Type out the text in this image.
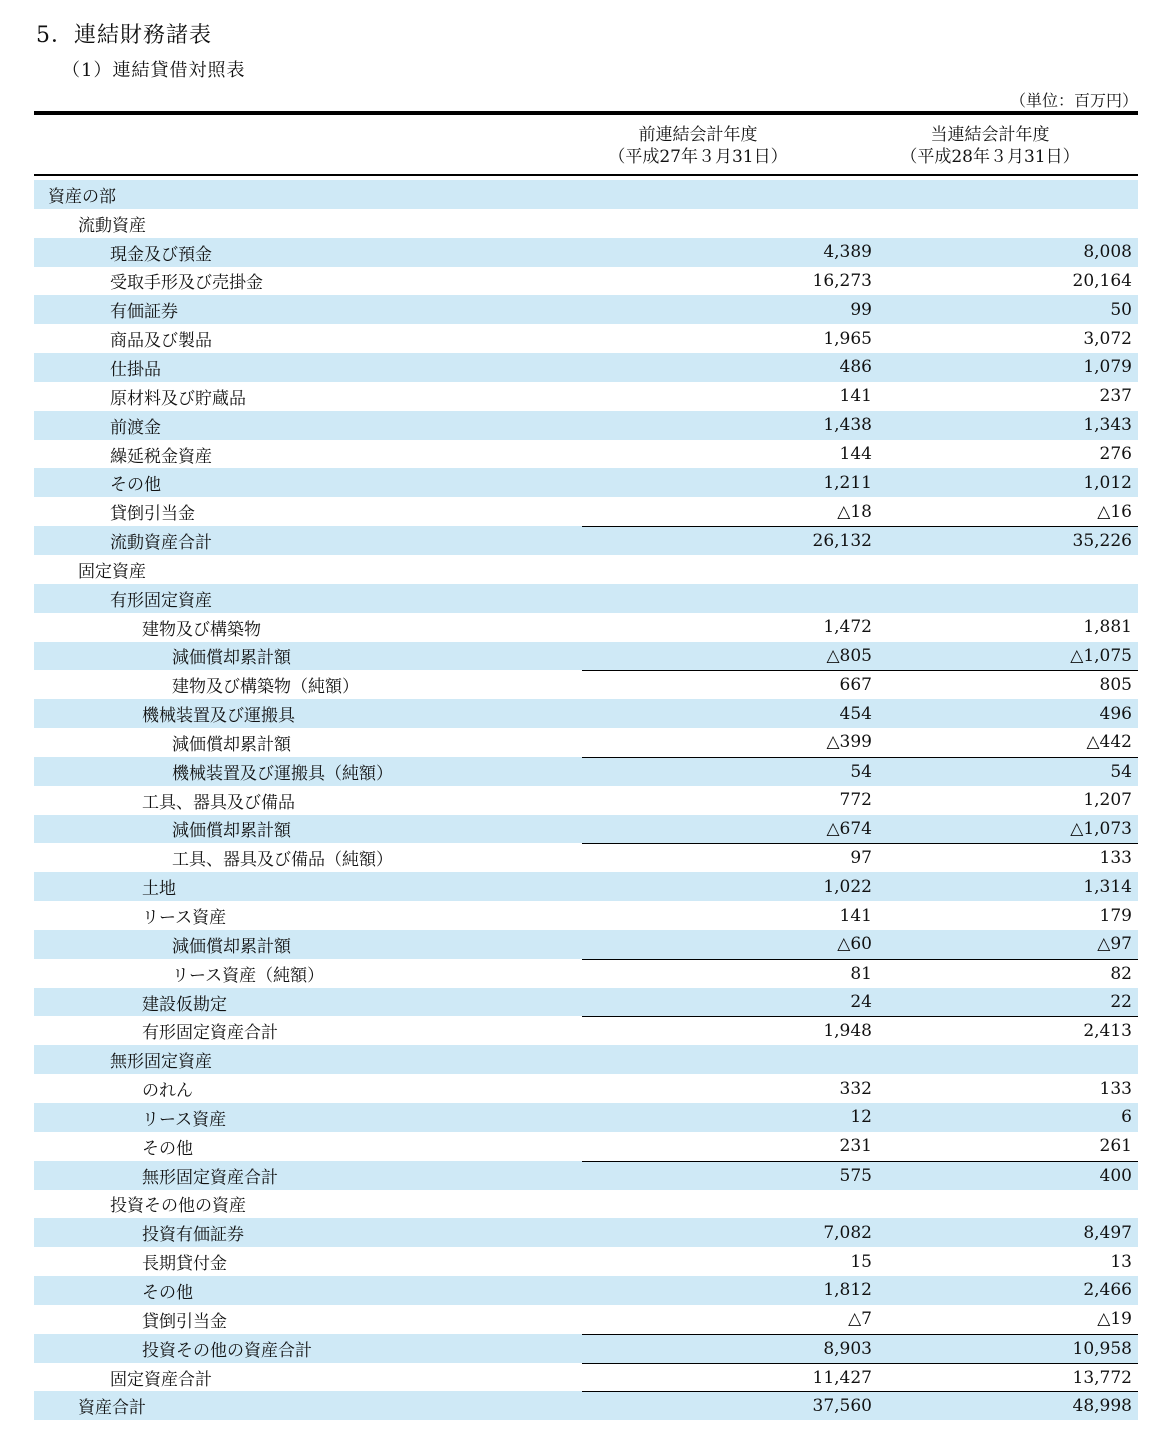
5．連結財務諸表
（1）連結貸借対照表
（単位：百万円）
前連結会計年度
（平成27年３月31日）
当連結会計年度
（平成28年３月31日）
資産の部
流動資産
現金及び預金	4,389	8,008
受取手形及び売掛金	16,273	20,164
有価証券	99	50
商品及び製品	1,965	3,072
仕掛品	486	1,079
原材料及び貯蔵品	141	237
前渡金	1,438	1,343
繰延税金資産	144	276
その他	1,211	1,012
貸倒引当金	△18	△16
流動資産合計	26,132	35,226
固定資産
有形固定資産
建物及び構築物	1,472	1,881
減価償却累計額	△805	△1,075
建物及び構築物（純額）	667	805
機械装置及び運搬具	454	496
減価償却累計額	△399	△442
機械装置及び運搬具（純額）	54	54
工具、器具及び備品	772	1,207
減価償却累計額	△674	△1,073
工具、器具及び備品（純額）	97	133
土地	1,022	1,314
リース資産	141	179
減価償却累計額	△60	△97
リース資産（純額）	81	82
建設仮勘定	24	22
有形固定資産合計	1,948	2,413
無形固定資産
のれん	332	133
リース資産	12	6
その他	231	261
無形固定資産合計	575	400
投資その他の資産
投資有価証券	7,082	8,497
長期貸付金	15	13
その他	1,812	2,466
貸倒引当金	△7	△19
投資その他の資産合計	8,903	10,958
固定資産合計	11,427	13,772
資産合計	37,560	48,998
